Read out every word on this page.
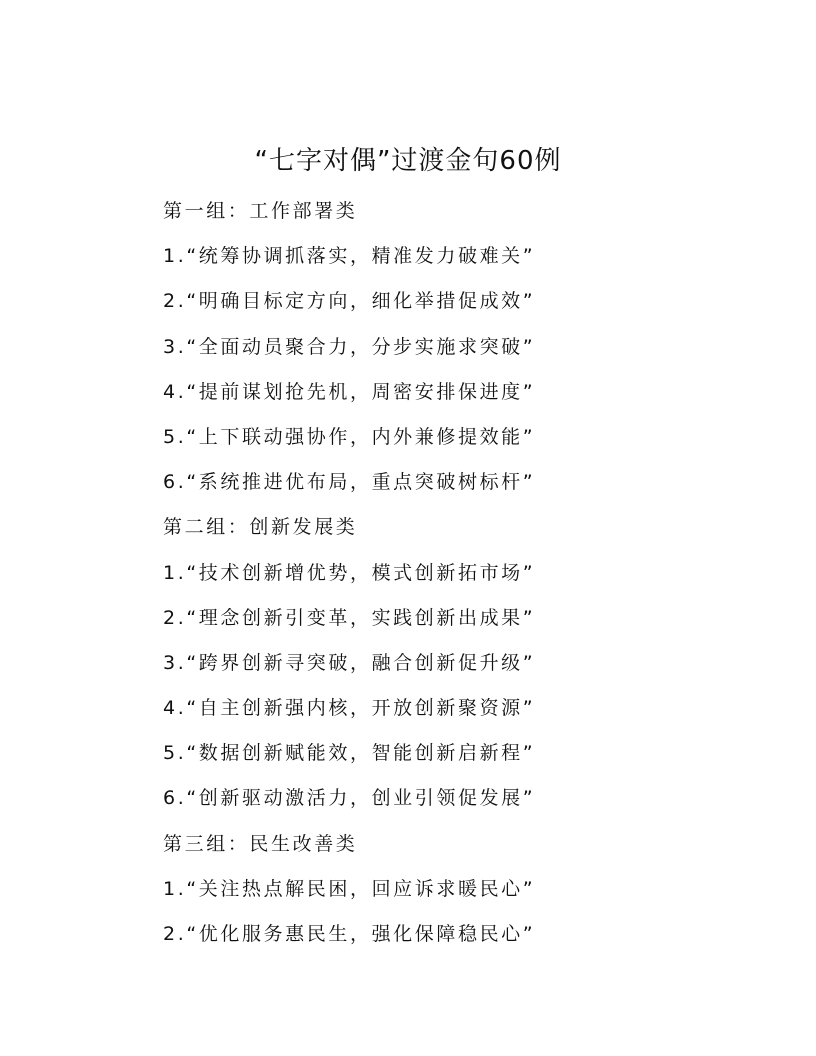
“七字对偶”过渡金句60例
第一组：工作部署类
1.“统筹协调抓落实，精准发力破难关”
2.“明确目标定方向，细化举措促成效”
3.“全面动员聚合力，分步实施求突破”
4.“提前谋划抢先机，周密安排保进度”
5.“上下联动强协作，内外兼修提效能”
6.“系统推进优布局，重点突破树标杆”
第二组：创新发展类
1.“技术创新增优势，模式创新拓市场”
2.“理念创新引变革，实践创新出成果”
3.“跨界创新寻突破，融合创新促升级”
4.“自主创新强内核，开放创新聚资源”
5.“数据创新赋能效，智能创新启新程”
6.“创新驱动激活力，创业引领促发展”
第三组：民生改善类
1.“关注热点解民困，回应诉求暖民心”
2.“优化服务惠民生，强化保障稳民心”
